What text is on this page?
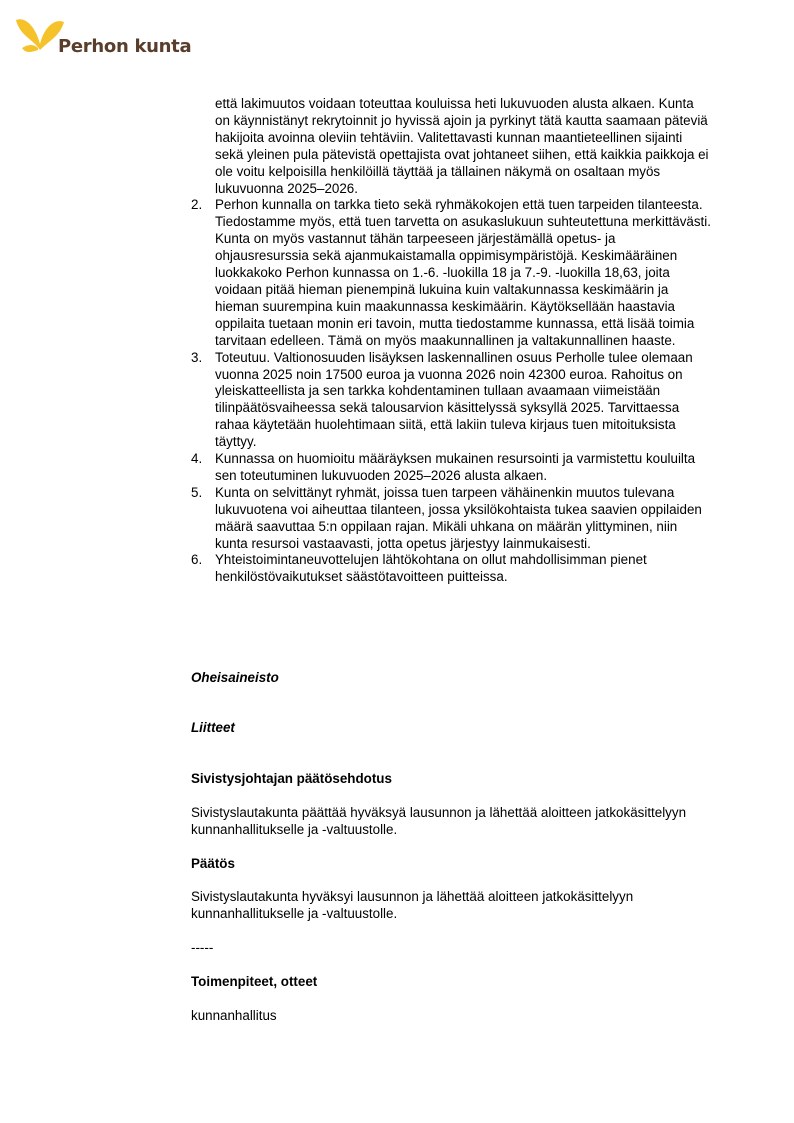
Perhon kunta

että lakimuutos voidaan toteuttaa kouluissa heti lukuvuoden alusta alkaen. Kunta on käynnistänyt rekrytoinnit jo hyvissä ajoin ja pyrkinyt tätä kautta saamaan päteviä hakijoita avoinna oleviin tehtäviin. Valitettavasti kunnan maantieteellinen sijainti sekä yleinen pula pätevistä opettajista ovat johtaneet siihen, että kaikkia paikkoja ei ole voitu kelpoisilla henkilöillä täyttää ja tällainen näkymä on osaltaan myös lukuvuonna 2025–2026.

2. Perhon kunnalla on tarkka tieto sekä ryhmäkokojen että tuen tarpeiden tilanteesta. Tiedostamme myös, että tuen tarvetta on asukaslukuun suhteutettuna merkittävästi. Kunta on myös vastannut tähän tarpeeseen järjestämällä opetus- ja ohjausresurssia sekä ajanmukaistamalla oppimisympäristöjä. Keskimääräinen luokkakoko Perhon kunnassa on 1.-6. -luokilla 18 ja 7.-9. -luokilla 18,63, joita voidaan pitää hieman pienempinä lukuina kuin valtakunnassa keskimäärin ja hieman suurempina kuin maakunnassa keskimäärin. Käytöksellään haastavia oppilaita tuetaan monin eri tavoin, mutta tiedostamme kunnassa, että lisää toimia tarvitaan edelleen. Tämä on myös maakunnallinen ja valtakunnallinen haaste.

3. Toteutuu. Valtionosuuden lisäyksen laskennallinen osuus Perholle tulee olemaan vuonna 2025 noin 17500 euroa ja vuonna 2026 noin 42300 euroa. Rahoitus on yleiskatteellista ja sen tarkka kohdentaminen tullaan avaamaan viimeistään tilinpäätösvaiheessa sekä talousarvion käsittelyssä syksyllä 2025. Tarvittaessa rahaa käytetään huolehtimaan siitä, että lakiin tuleva kirjaus tuen mitoituksista täyttyy.

4. Kunnassa on huomioitu määräyksen mukainen resursointi ja varmistettu kouluilta sen toteutuminen lukuvuoden 2025–2026 alusta alkaen.

5. Kunta on selvittänyt ryhmät, joissa tuen tarpeen vähäinenkin muutos tulevana lukuvuotena voi aiheuttaa tilanteen, jossa yksilökohtaista tukea saavien oppilaiden määrä saavuttaa 5:n oppilaan rajan. Mikäli uhkana on määrän ylittyminen, niin kunta resursoi vastaavasti, jotta opetus järjestyy lainmukaisesti.

6. Yhteistoimintaneuvottelujen lähtökohtana on ollut mahdollisimman pienet henkilöstövaikutukset säästötavoitteen puitteissa.

Oheisaineisto
Liitteet
Sivistysjohtajan päätösehdotus
Sivistyslautakunta päättää hyväksyä lausunnon ja lähettää aloitteen jatkokäsittelyyn kunnanhallitukselle ja -valtuustolle.
Päätös
Sivistyslautakunta hyväksyi lausunnon ja lähettää aloitteen jatkokäsittelyyn kunnanhallitukselle ja -valtuustolle.
-----
Toimenpiteet, otteet
kunnanhallitus
